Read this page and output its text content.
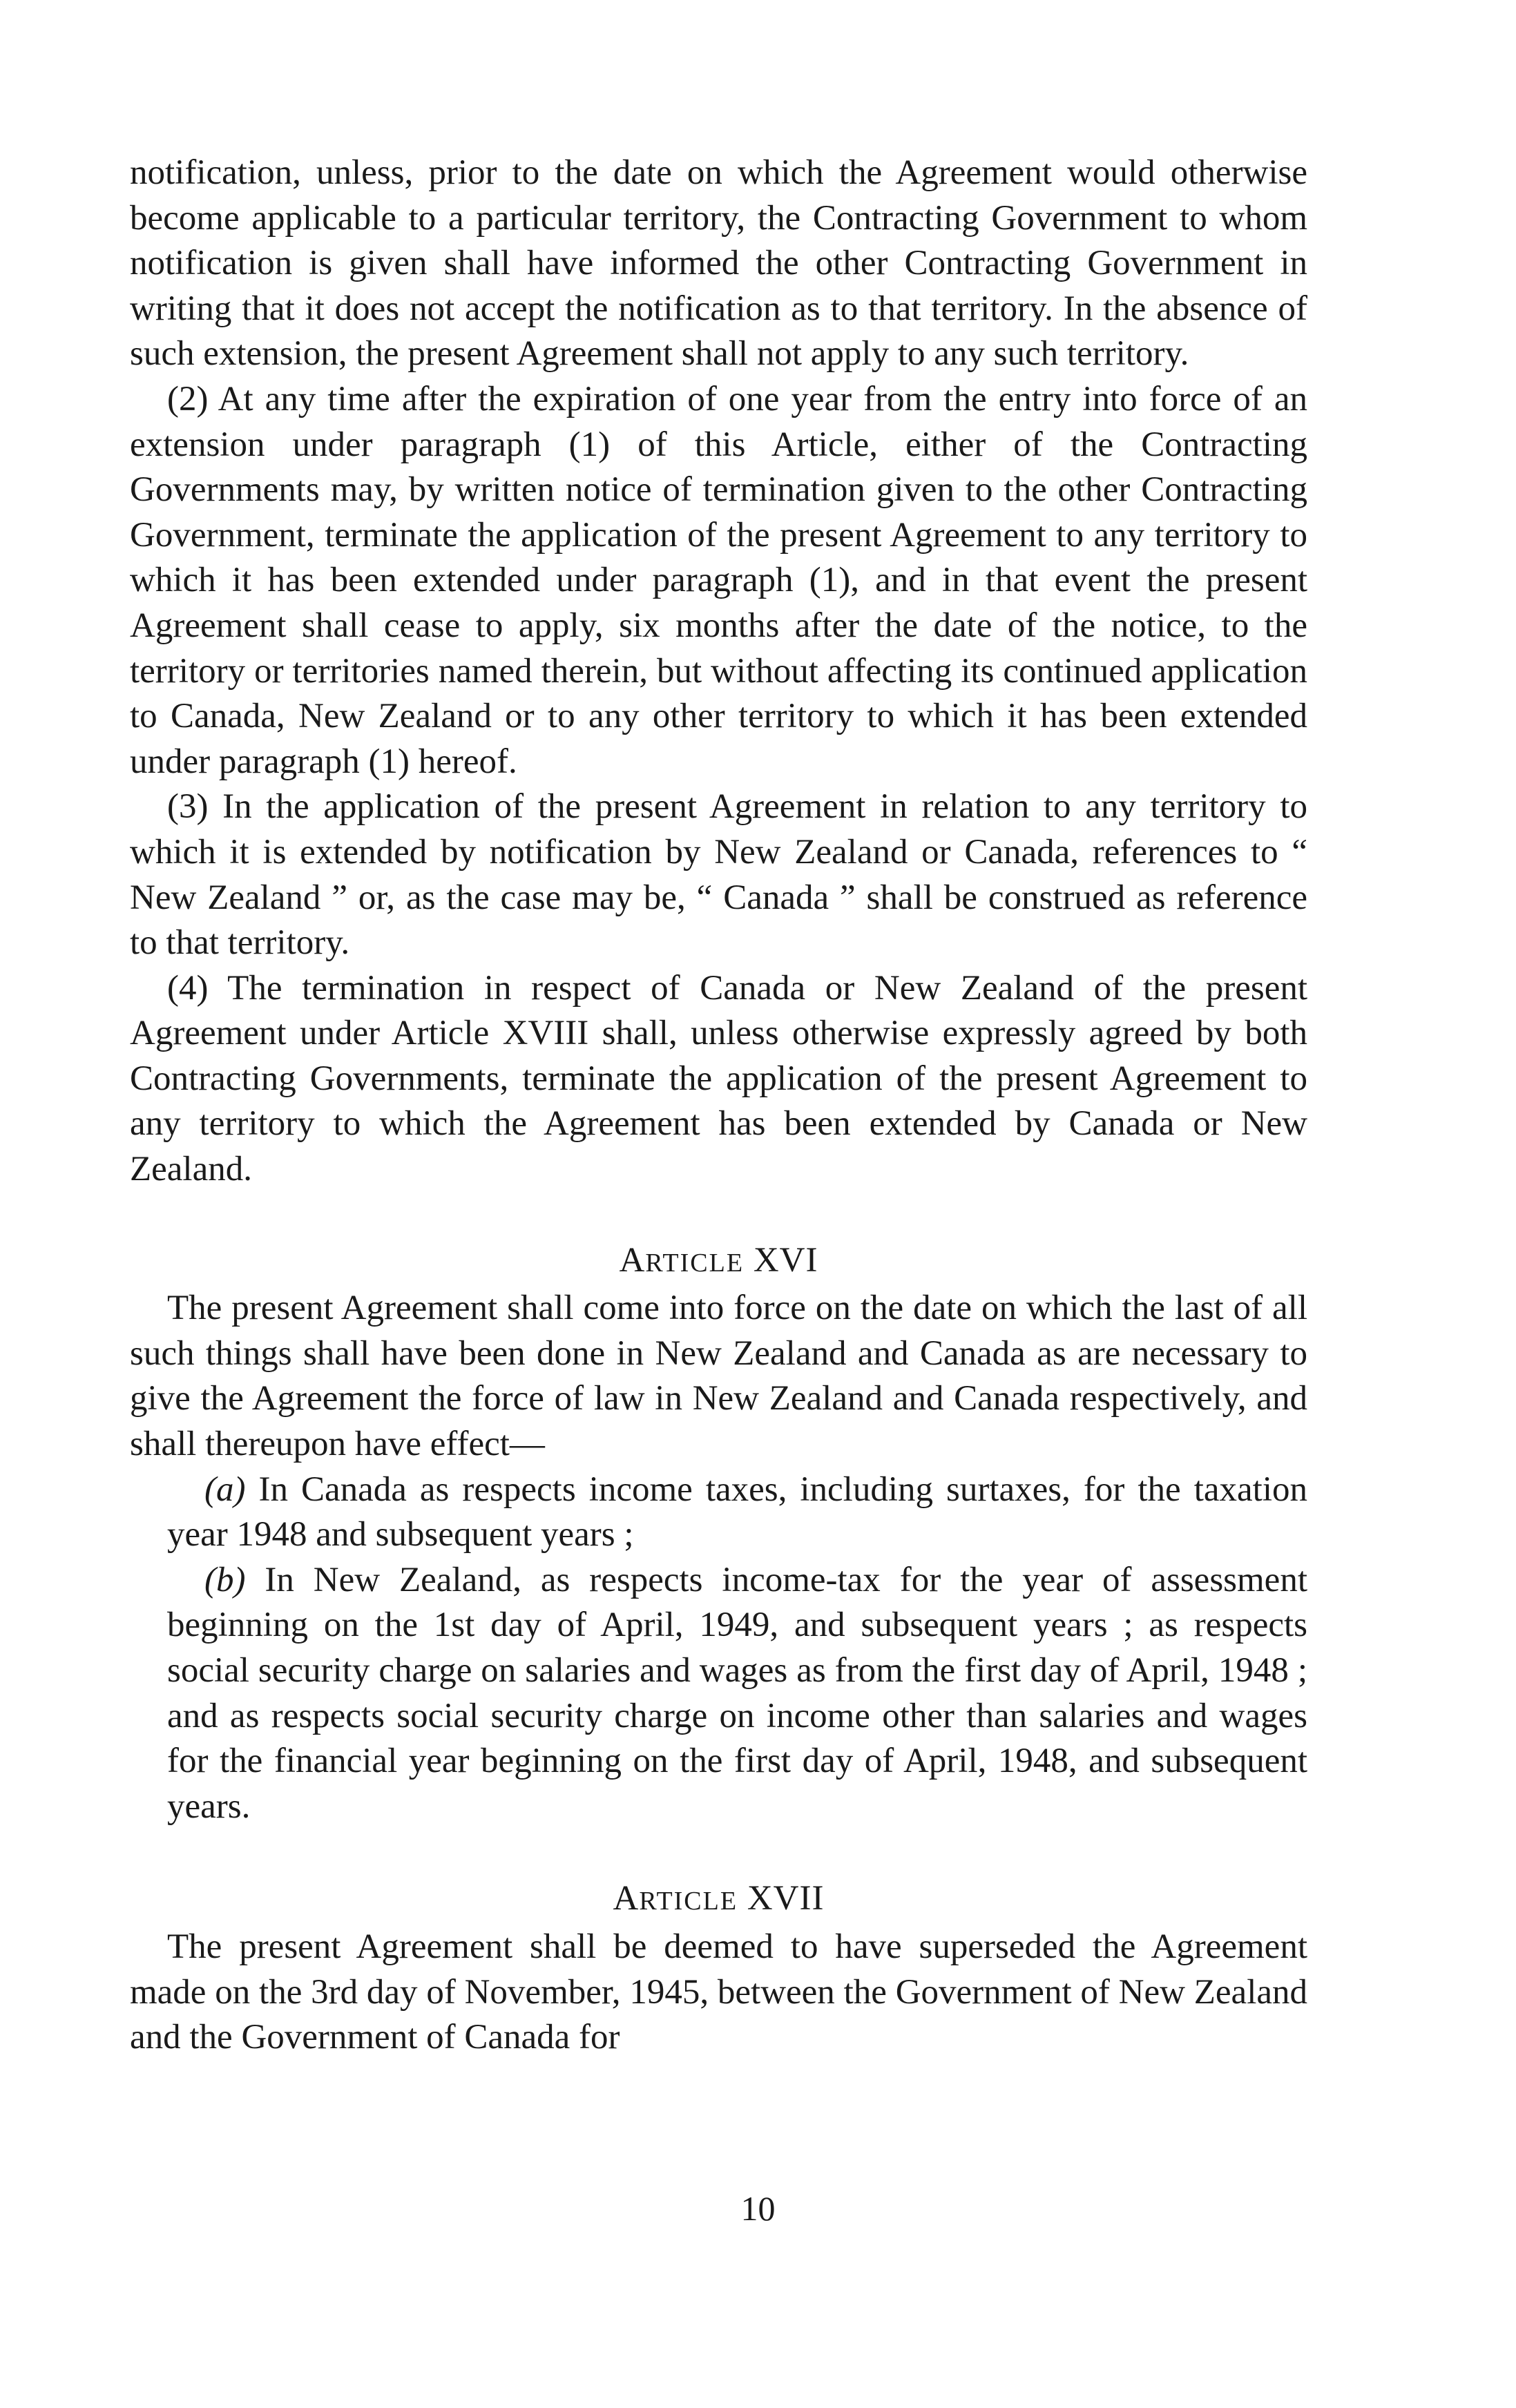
notification, unless, prior to the date on which the Agreement would otherwise become applicable to a particular territory, the Contracting Government to whom notification is given shall have informed the other Contracting Government in writing that it does not accept the notification as to that territory. In the absence of such extension, the present Agreement shall not apply to any such territory.

(2) At any time after the expiration of one year from the entry into force of an extension under paragraph (1) of this Article, either of the Contracting Governments may, by written notice of termination given to the other Contracting Government, terminate the application of the present Agreement to any territory to which it has been extended under paragraph (1), and in that event the present Agreement shall cease to apply, six months after the date of the notice, to the territory or territories named therein, but without affecting its continued application to Canada, New Zealand or to any other territory to which it has been extended under paragraph (1) hereof.

(3) In the application of the present Agreement in relation to any territory to which it is extended by notification by New Zealand or Canada, references to “ New Zealand ” or, as the case may be, “ Canada ” shall be construed as reference to that territory.

(4) The termination in respect of Canada or New Zealand of the present Agreement under Article XVIII shall, unless otherwise expressly agreed by both Contracting Governments, terminate the application of the present Agreement to any territory to which the Agreement has been extended by Canada or New Zealand.

ARTICLE XVI

The present Agreement shall come into force on the date on which the last of all such things shall have been done in New Zealand and Canada as are necessary to give the Agreement the force of law in New Zealand and Canada respectively, and shall thereupon have effect—

(a) In Canada as respects income taxes, including surtaxes, for the taxation year 1948 and subsequent years ;

(b) In New Zealand, as respects income-tax for the year of assessment beginning on the 1st day of April, 1949, and subsequent years ; as respects social security charge on salaries and wages as from the first day of April, 1948 ; and as respects social security charge on income other than salaries and wages for the financial year beginning on the first day of April, 1948, and subsequent years.

ARTICLE XVII

The present Agreement shall be deemed to have superseded the Agreement made on the 3rd day of November, 1945, between the Government of New Zealand and the Government of Canada for

10
